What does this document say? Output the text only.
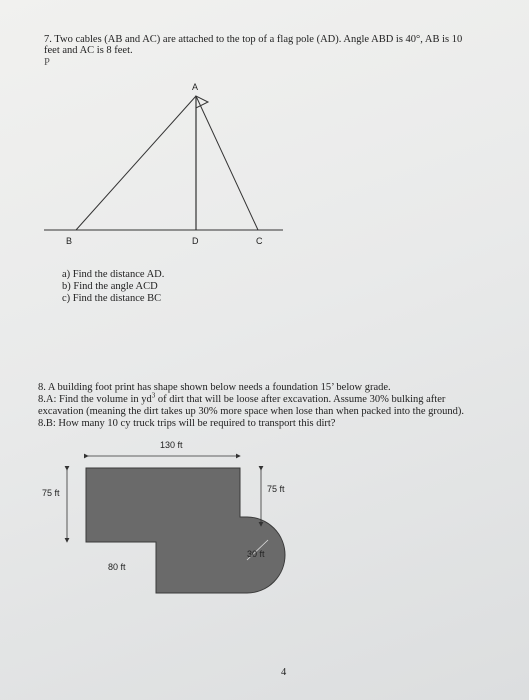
7. Two cables (AB and AC) are attached to the top of a flag pole (AD). Angle ABD is 40°, AB is 10
feet and AC is 8 feet.
P
A
B	D	C
a) Find the distance AD.
b) Find the angle ACD
c) Find the distance BC
8. A building foot print has shape shown below needs a foundation 15’ below grade.
8.A: Find the volume in $yd^3$ of dirt that will be loose after excavation. Assume 30% bulking after
excavation (meaning the dirt takes up 30% more space when lose than when packed into the ground).
8.B: How many 10 cy truck trips will be required to transport this dirt?
130 ft
75 ft	75 ft
80 ft
30 ft
4
